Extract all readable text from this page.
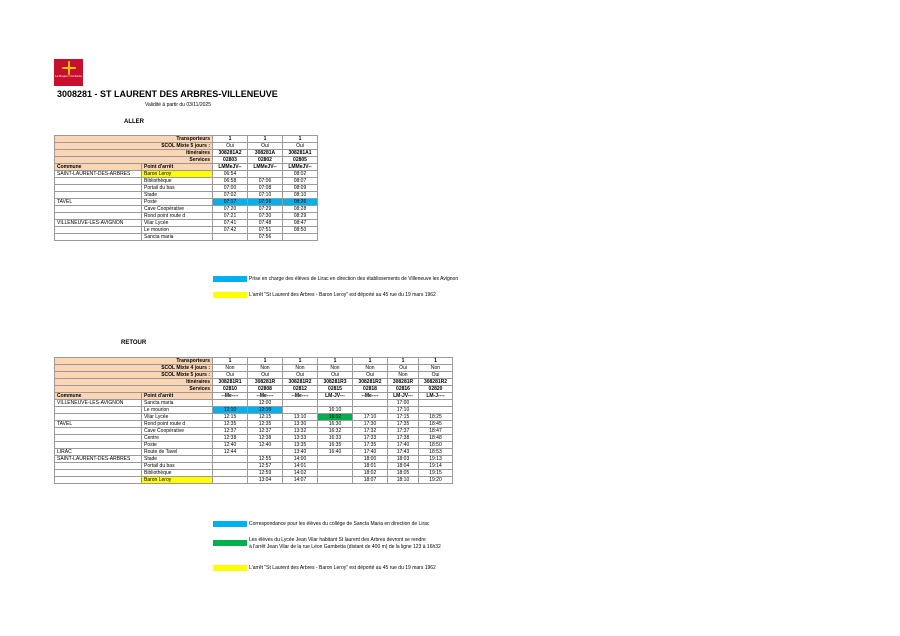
La Région Occitanie
3008281 - ST LAURENT DES ARBRES-VILLENEUVE
Validité à partir du 03/11/2025
ALLER
Transporteurs		1	1	1
SCOL Mixte 5 jours :		Oui	Oui	Oui
Itinéraires		308281A2	308281A	308281A1
Services		02803	02802	02805
Commune	Point d'arrêt	LMMeJV--	LMMeJV--	LMMeJV--
SAINT-LAURENT-DES-ARBRES	Baron Leroy	06:54		08:02
	Bibliothèque	06:58	07:06	08:07
	Portail du bas	07:00	07:08	08:09
	Stade	07:02	07:10	08:10
TAVEL	Poste	07:17	07:26	08:26
	Cave Coopérative	07:20	07:29	08:28
	Rond point route d	07:21	07:30	08:29
VILLENEUVE-LES-AVIGNON	Vilar Lycée	07:41	07:48	08:47
	Le mourion	07:42	07:51	08:50
	Sancta maria		07:56	
Prise en charge des élèves de Lirac en direction des établissements de Villeneuve les Avignon
L'arrêt "St Laurent des Arbres - Baron Leroy" est déporté au 45 rue du 19 mars 1962
RETOUR
Transporteurs		1	1	1	1	1	1	1
SCOL Mixte 4 jours :		Non	Non	Non	Non	Non	Oui	Non
SCOL Mixte 5 jours :		Oui	Oui	Oui	Oui	Oui	Non	Oui
Itinéraires		308281R1	308281R	308281R2	308281R3	308281R2	308281R	308281R2
Services		02810	02808	02812	02815	02818	02816	02820
Commune	Point d'arrêt	--Me----	--Me----	--Me----	LM-JV---	--Me----	LM-JV---	LM-J----
VILLENEUVE-LES-AVIGNON	Sancta maria		12:00				17:00	
	Le mourion	12:10	12:10		16:10		17:10	
	Vilar Lycée	12:15	12:15	13:10	16:12	17:10	17:15	18:25
TAVEL	Rond point route d	12:35	12:35	13:30	16:30	17:30	17:35	18:45
	Cave Coopérative	12:37	12:37	13:32	16:32	17:32	17:37	18:47
	Centre	12:38	12:38	13:33	16:33	17:33	17:38	18:48
	Poste	12:40	12:40	13:35	16:35	17:35	17:40	18:50
LIRAC	Route de Tavel	12:44		13:40	16:40	17:40	17:43	18:53
SAINT-LAURENT-DES-ARBRES	Stade		12:55	14:00		18:00	18:03	19:13
	Portail du bas		12:57	14:01		18:01	18:04	19:14
	Bibliothèque		12:59	14:02		18:02	18:05	19:15
	Baron Leroy		13:04	14:07		18:07	18:10	19:20
Correspondance pour les élèves du collège de Sancta Maria en direction de Lirac
Les élèves du Lycée Jean Vilar habitant St laurent des Arbres devront se rendre
à l'arrêt Jean Vilar de la rue Léon Gambetta (distant de 400 m) de la ligne 123 à 16h32
L'arrêt "St Laurent des Arbres - Baron Leroy" est déporté au 45 rue du 19 mars 1962
